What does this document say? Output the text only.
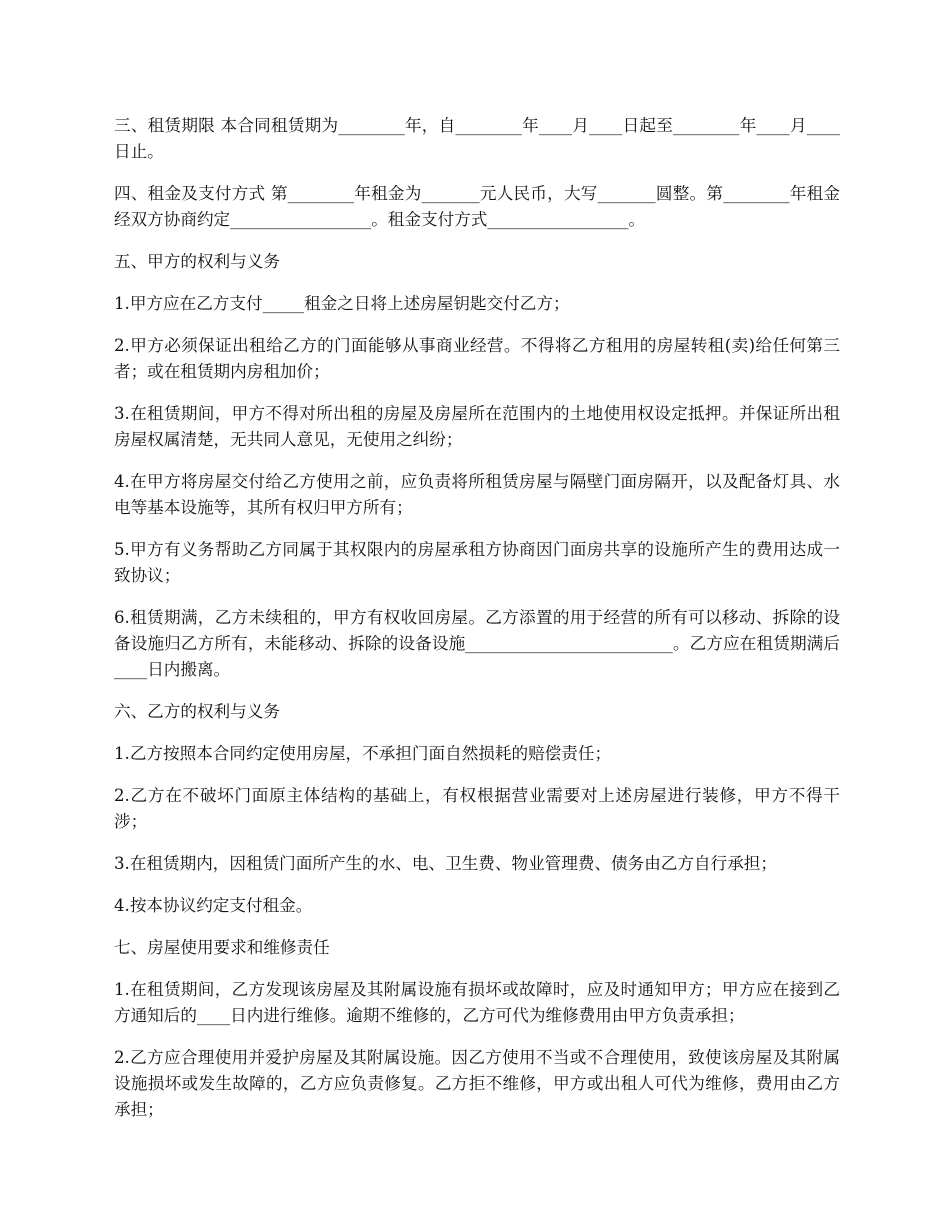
三、租赁期限 本合同租赁期为________年，自________年____月____日起至________年____月____日止。

四、租金及支付方式 第________年租金为_______元人民币，大写_______圆整。第________年租金经双方协商约定_________________。租金支付方式_________________。

五、甲方的权利与义务

1.甲方应在乙方支付_____租金之日将上述房屋钥匙交付乙方；

2.甲方必须保证出租给乙方的门面能够从事商业经营。不得将乙方租用的房屋转租(卖)给任何第三者；或在租赁期内房租加价；

3.在租赁期间，甲方不得对所出租的房屋及房屋所在范围内的土地使用权设定抵押。并保证所出租房屋权属清楚，无共同人意见，无使用之纠纷；

4.在甲方将房屋交付给乙方使用之前，应负责将所租赁房屋与隔壁门面房隔开，以及配备灯具、水电等基本设施等，其所有权归甲方所有；

5.甲方有义务帮助乙方同属于其权限内的房屋承租方协商因门面房共享的设施所产生的费用达成一致协议；

6.租赁期满，乙方未续租的，甲方有权收回房屋。乙方添置的用于经营的所有可以移动、拆除的设备设施归乙方所有，未能移动、拆除的设备设施_________________________。乙方应在租赁期满后____日内搬离。

六、乙方的权利与义务

1.乙方按照本合同约定使用房屋，不承担门面自然损耗的赔偿责任；

2.乙方在不破坏门面原主体结构的基础上，有权根据营业需要对上述房屋进行装修，甲方不得干涉；

3.在租赁期内，因租赁门面所产生的水、电、卫生费、物业管理费、债务由乙方自行承担；

4.按本协议约定支付租金。

七、房屋使用要求和维修责任

1.在租赁期间，乙方发现该房屋及其附属设施有损坏或故障时，应及时通知甲方；甲方应在接到乙方通知后的____日内进行维修。逾期不维修的，乙方可代为维修费用由甲方负责承担；

2.乙方应合理使用并爱护房屋及其附属设施。因乙方使用不当或不合理使用，致使该房屋及其附属设施损坏或发生故障的，乙方应负责修复。乙方拒不维修，甲方或出租人可代为维修，费用由乙方承担；
